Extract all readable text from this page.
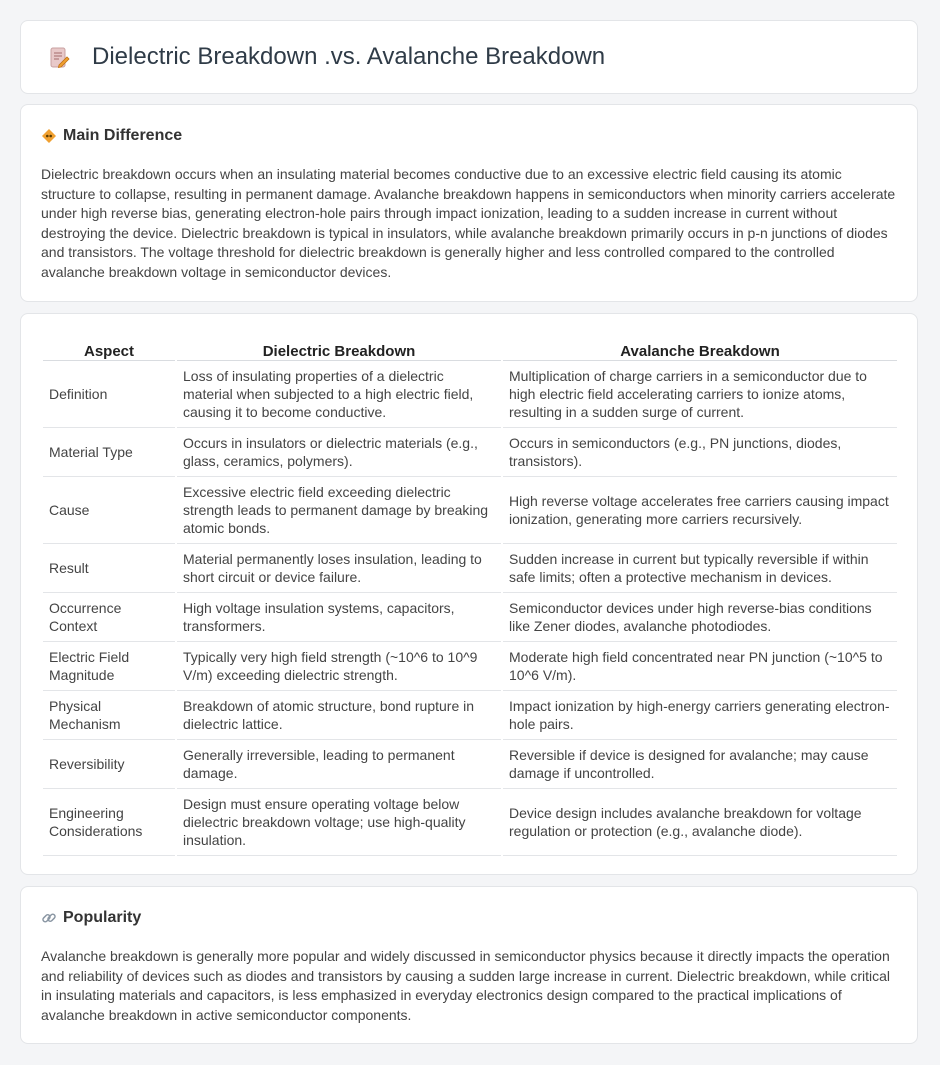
Dielectric Breakdown .vs. Avalanche Breakdown
Main Difference

Dielectric breakdown occurs when an insulating material becomes conductive due to an excessive electric field causing its atomic structure to collapse, resulting in permanent damage. Avalanche breakdown happens in semiconductors when minority carriers accelerate under high reverse bias, generating electron-hole pairs through impact ionization, leading to a sudden increase in current without destroying the device. Dielectric breakdown is typical in insulators, while avalanche breakdown primarily occurs in p-n junctions of diodes and transistors. The voltage threshold for dielectric breakdown is generally higher and less controlled compared to the controlled avalanche breakdown voltage in semiconductor devices.

Aspect	Dielectric Breakdown	Avalanche Breakdown
Definition	Loss of insulating properties of a dielectric material when subjected to a high electric field, causing it to become conductive.	Multiplication of charge carriers in a semiconductor due to high electric field accelerating carriers to ionize atoms, resulting in a sudden surge of current.
Material Type	Occurs in insulators or dielectric materials (e.g., glass, ceramics, polymers).	Occurs in semiconductors (e.g., PN junctions, diodes, transistors).
Cause	Excessive electric field exceeding dielectric strength leads to permanent damage by breaking atomic bonds.	High reverse voltage accelerates free carriers causing impact ionization, generating more carriers recursively.
Result	Material permanently loses insulation, leading to short circuit or device failure.	Sudden increase in current but typically reversible if within safe limits; often a protective mechanism in devices.
Occurrence Context	High voltage insulation systems, capacitors, transformers.	Semiconductor devices under high reverse-bias conditions like Zener diodes, avalanche photodiodes.
Electric Field Magnitude	Typically very high field strength (~10^6 to 10^9 V/m) exceeding dielectric strength.	Moderate high field concentrated near PN junction (~10^5 to 10^6 V/m).
Physical Mechanism	Breakdown of atomic structure, bond rupture in dielectric lattice.	Impact ionization by high-energy carriers generating electron-hole pairs.
Reversibility	Generally irreversible, leading to permanent damage.	Reversible if device is designed for avalanche; may cause damage if uncontrolled.
Engineering Considerations	Design must ensure operating voltage below dielectric breakdown voltage; use high-quality insulation.	Device design includes avalanche breakdown for voltage regulation or protection (e.g., avalanche diode).
Popularity

Avalanche breakdown is generally more popular and widely discussed in semiconductor physics because it directly impacts the operation and reliability of devices such as diodes and transistors by causing a sudden large increase in current. Dielectric breakdown, while critical in insulating materials and capacitors, is less emphasized in everyday electronics design compared to the practical implications of avalanche breakdown in active semiconductor components.
